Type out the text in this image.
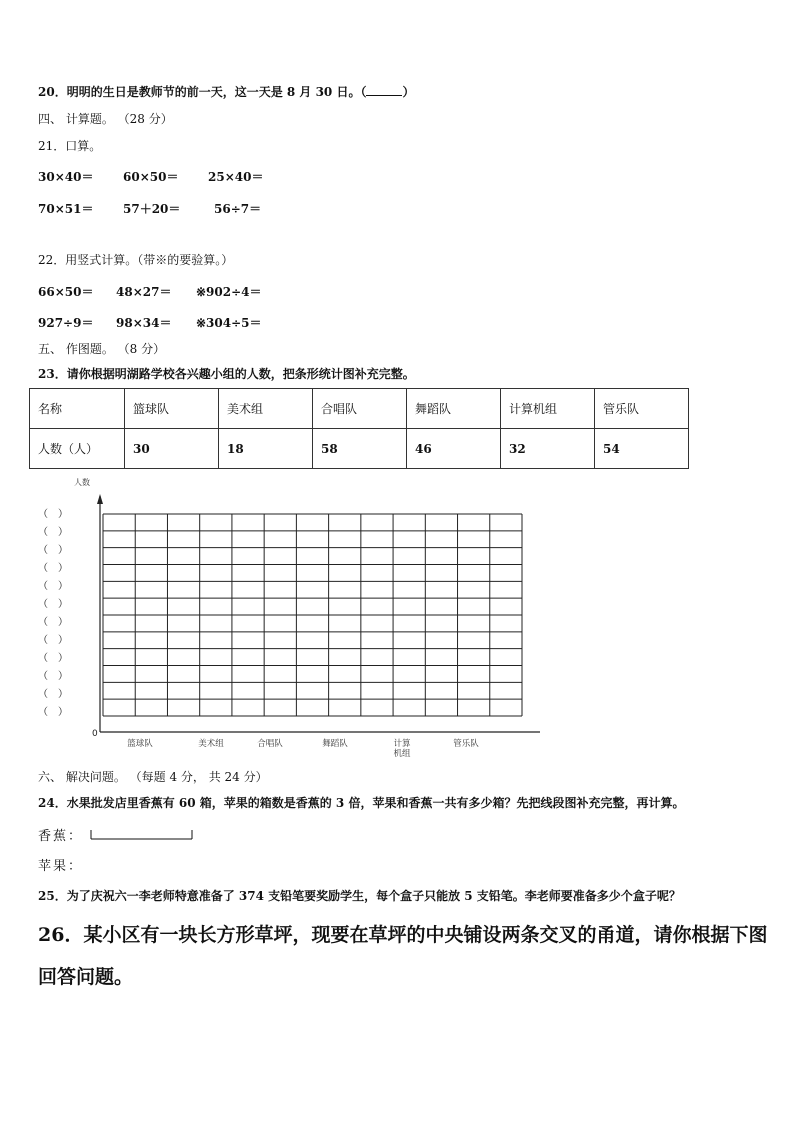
20．明明的生日是教师节的前一天，这一天是 8 月 30 日。（	）
四、 计算题。 （28 分）
21．口算。
30×40＝ 60×50＝ 25×40＝
70×51＝ 57＋20＝	56÷7＝
22．用竖式计算。（带※的要验算。）
66×50＝ 48×27＝ ※902÷4＝
927÷9＝ 98×34＝ ※304÷5＝
五、 作图题。 （8 分）
23．请你根据明湖路学校各兴趣小组的人数，把条形统计图补充完整。
名称	篮球队	美术组	合唱队	舞蹈队	计算机组	管乐队
人数（人）	30	18	58	46	32	54
人数
（　）
（　）
（　）
（　）
（　）
（　）
（　）
（　）
（　）
（　）
（　）
（　）
0
篮球队	美术组	合唱队	舞蹈队	计算
机组
管乐队
六、 解决问题。 （每题 4 分， 共 24 分）
24．水果批发店里香蕉有 60 箱，苹果的箱数是香蕉的 3 倍，苹果和香蕉一共有多少箱？先把线段图补充完整，再计算。
香蕉：
苹果：
25．为了庆祝六一李老师特意准备了 374 支铅笔要奖励学生，每个盒子只能放 5 支铅笔。李老师要准备多少个盒子呢？
26．某小区有一块长方形草坪，现要在草坪的中央铺设两条交叉的甬道，请你根据下图
回答问题。
